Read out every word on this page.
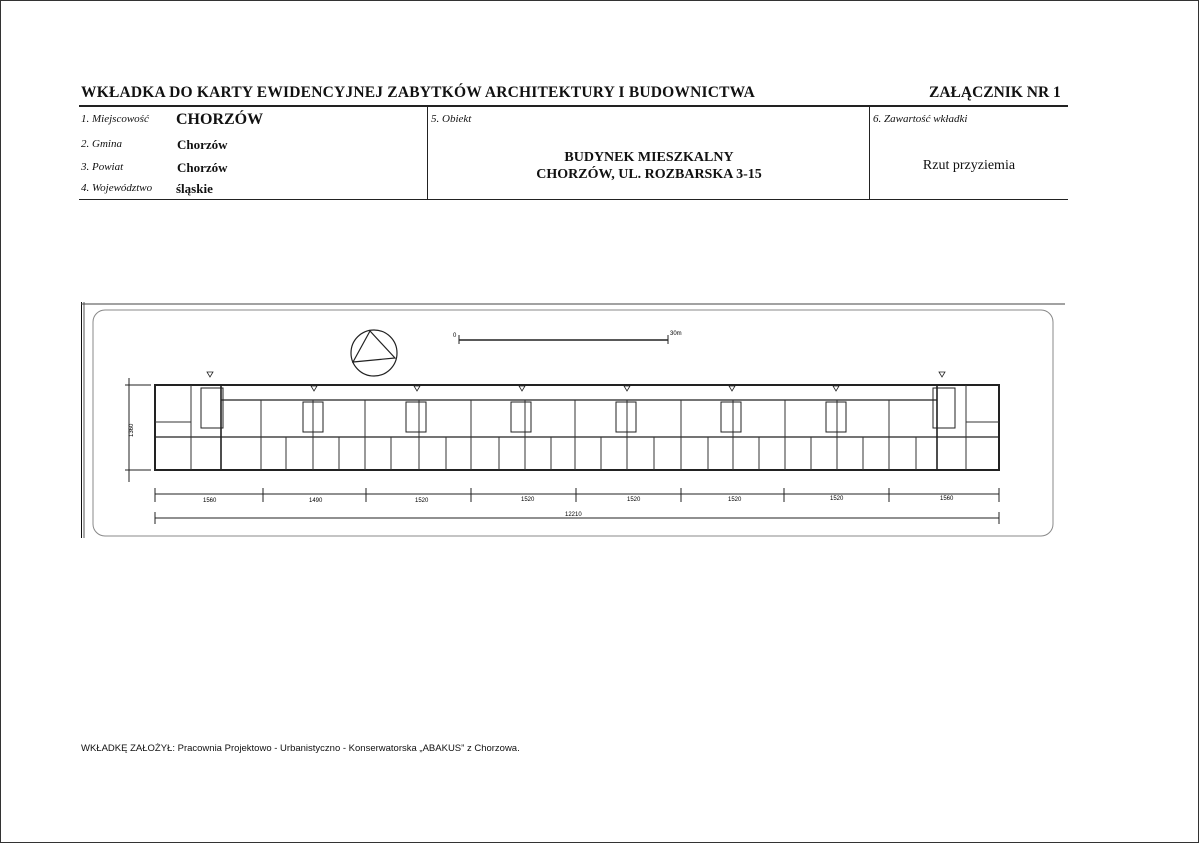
WKŁADKA DO KARTY EWIDENCYJNEJ ZABYTKÓW ARCHITEKTURY I BUDOWNICTWA	ZAŁĄCZNIK NR 1
1. Miejscowość CHORZÓW
2. Gmina	Chorzów
3. Powiat	Chorzów
4. Województwo śląskie
5. Obiekt
BUDYNEK MIESZKALNY
CHORZÓW, UL. ROZBARSKA 3-15
6. Zawartość wkładki
Rzut przyziemia
0	30m
1360
1560	1490	1520	1520	1520	1520	1520	1560
12210
WKŁADKĘ ZAŁOŻYŁ: Pracownia Projektowo - Urbanistyczno - Konserwatorska „ABAKUS” z Chorzowa.
